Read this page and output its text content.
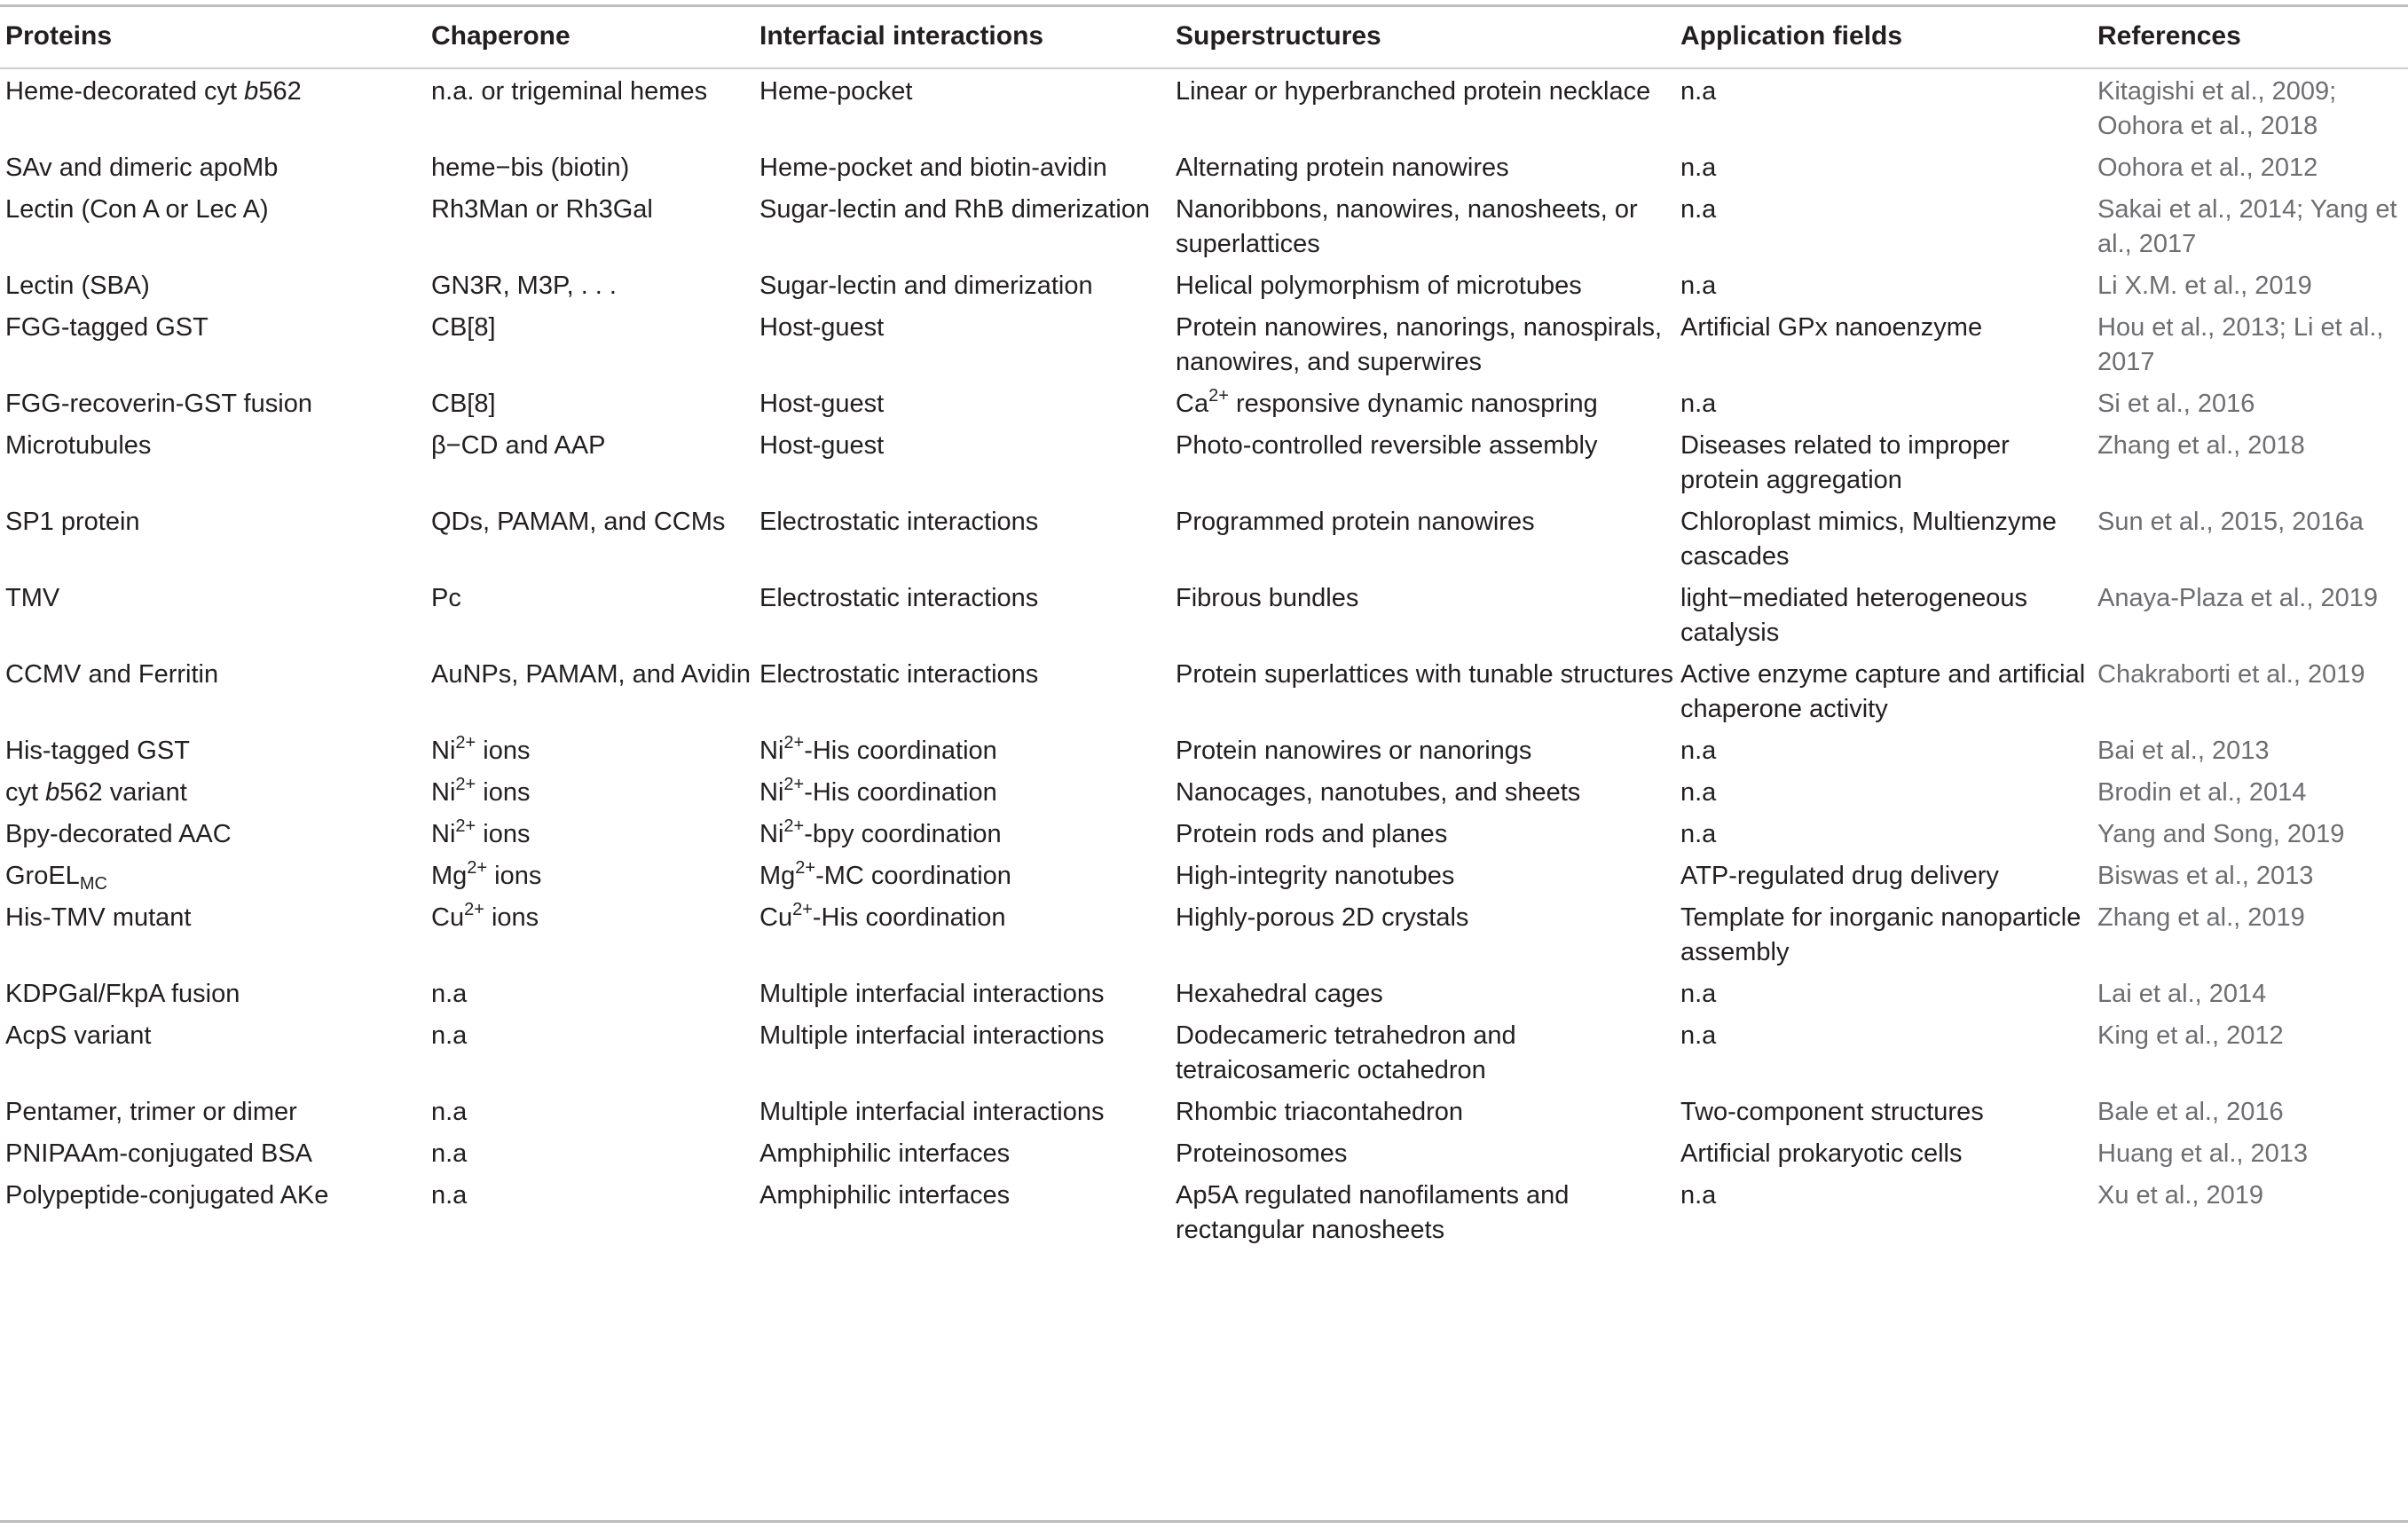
Proteins	Chaperone	Interfacial interactions	Superstructures	Application fields	References

Heme-decorated cyt b562	n.a. or trigeminal hemes	Heme-pocket	Linear or hyperbranched protein necklace	n.a	Kitagishi et al., 2009; Oohora et al., 2018
SAv and dimeric apoMb	heme−bis (biotin)	Heme-pocket and biotin-avidin	Alternating protein nanowires	n.a	Oohora et al., 2012
Lectin (Con A or Lec A)	Rh3Man or Rh3Gal	Sugar-lectin and RhB dimerization	Nanoribbons, nanowires, nanosheets, or superlattices	n.a	Sakai et al., 2014; Yang et al., 2017
Lectin (SBA)	GN3R, M3P, . . .	Sugar-lectin and dimerization	Helical polymorphism of microtubes	n.a	Li X.M. et al., 2019
FGG-tagged GST	CB[8]	Host-guest	Protein nanowires, nanorings, nanospirals, nanowires, and superwires	Artificial GPx nanoenzyme	Hou et al., 2013; Li et al., 2017
FGG-recoverin-GST fusion	CB[8]	Host-guest	$Ca^{2+}$ responsive dynamic nanospring	n.a	Si et al., 2016
Microtubules	β−CD and AAP	Host-guest	Photo-controlled reversible assembly	Diseases related to improper protein aggregation	Zhang et al., 2018
SP1 protein	QDs, PAMAM, and CCMs	Electrostatic interactions	Programmed protein nanowires	Chloroplast mimics, Multienzyme cascades	Sun et al., 2015, 2016a
TMV	Pc	Electrostatic interactions	Fibrous bundles	light−mediated heterogeneous catalysis	Anaya-Plaza et al., 2019
CCMV and Ferritin	AuNPs, PAMAM, and Avidin	Electrostatic interactions	Protein superlattices with tunable structures	Active enzyme capture and artificial chaperone activity	Chakraborti et al., 2019
His-tagged GST	$Ni^{2+}$ ions	$Ni^{2+}$-His coordination	Protein nanowires or nanorings	n.a	Bai et al., 2013
cyt b562 variant	$Ni^{2+}$ ions	$Ni^{2+}$-His coordination	Nanocages, nanotubes, and sheets	n.a	Brodin et al., 2014
Bpy-decorated AAC	$Ni^{2+}$ ions	$Ni^{2+}$-bpy coordination	Protein rods and planes	n.a	Yang and Song, 2019
GroEL$_{MC}$	$Mg^{2+}$ ions	$Mg^{2+}-MC$ coordination	High-integrity nanotubes	ATP-regulated drug delivery	Biswas et al., 2013
His-TMV mutant	$Cu^{2+}$ ions	$Cu^{2+}$-His coordination	Highly-porous 2D crystals	Template for inorganic nanoparticle assembly	Zhang et al., 2019
KDPGal/FkpA fusion	n.a	Multiple interfacial interactions	Hexahedral cages	n.a	Lai et al., 2014
AcpS variant	n.a	Multiple interfacial interactions	Dodecameric tetrahedron and tetraicosameric octahedron	n.a	King et al., 2012
Pentamer, trimer or dimer	n.a	Multiple interfacial interactions	Rhombic triacontahedron	Two-component structures	Bale et al., 2016
PNIPAAm-conjugated BSA	n.a	Amphiphilic interfaces	Proteinosomes	Artificial prokaryotic cells	Huang et al., 2013
Polypeptide-conjugated AKe	n.a	Amphiphilic interfaces	Ap5A regulated nanofilaments and rectangular nanosheets	n.a	Xu et al., 2019
